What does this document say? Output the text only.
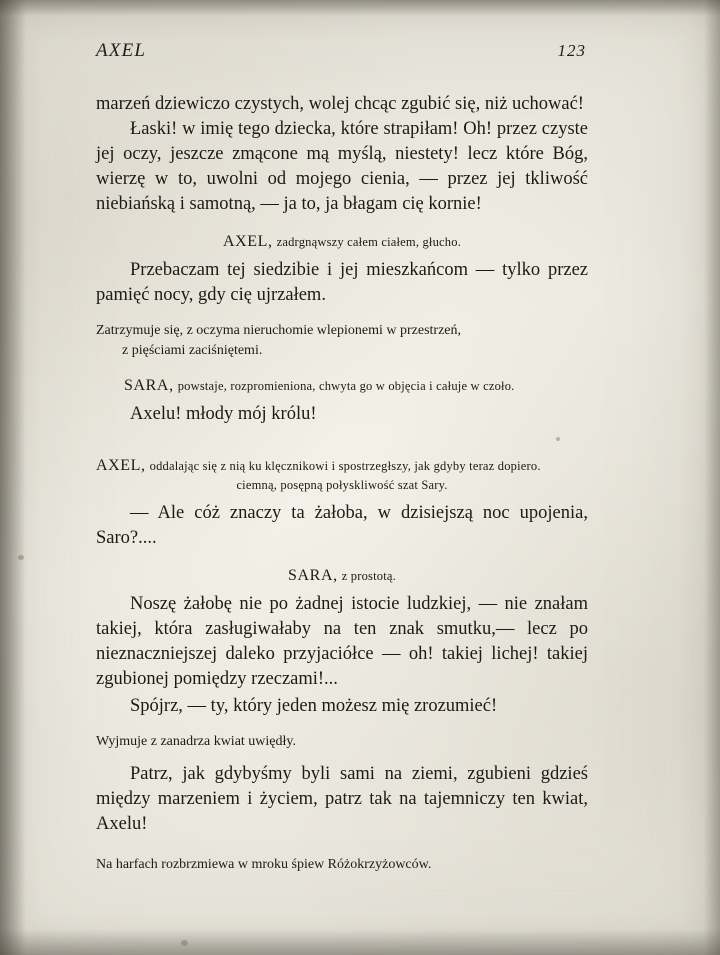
AXEL	123

marzeń dziewiczo czystych, wolej chcąc zgubić się, niż uchować!

Łaski! w imię tego dziecka, które strapiłam! Oh! przez czyste jej oczy, jeszcze zmącone mą myślą, niestety! lecz które Bóg, wierzę w to, uwolni od mojego cienia, — przez jej tkliwość niebiańską i samotną, — ja to, ja błagam cię kornie!

AXEL, zadrgnąwszy całem ciałem, głucho.

Przebaczam tej siedzibie i jej mieszkańcom — tylko przez pamięć nocy, gdy cię ujrzałem.

Zatrzymuje się, z oczyma nieruchomie wlepionemi w przestrzeń,
z pięściami zaciśniętemi.
SARA, powstaje, rozpromieniona, chwyta go w objęcia i całuje w czoło.
Axelu! młody mój królu!
AXEL, oddalając się z nią ku klęcznikowi i spostrzegłszy, jak gdyby teraz dopiero.
ciemną, posępną połyskliwość szat Sary.

— Ale cóż znaczy ta żałoba, w dzisiejszą noc upojenia, Saro?....

SARA, z prostotą.

Noszę żałobę nie po żadnej istocie ludzkiej, — nie znałam takiej, która zasługiwałaby na ten znak smutku,— lecz po nieznaczniejszej daleko przyjaciółce — oh! takiej lichej! takiej zgubionej pomiędzy rzeczami!...

Spójrz, — ty, który jeden możesz mię zrozumieć!
Wyjmuje z zanadrza kwiat uwiędły.

Patrz, jak gdybyśmy byli sami na ziemi, zgubieni gdzieś między marzeniem i życiem, patrz tak na tajemniczy ten kwiat, Axelu!

Na harfach rozbrzmiewa w mroku śpiew Różokrzyżowców.
